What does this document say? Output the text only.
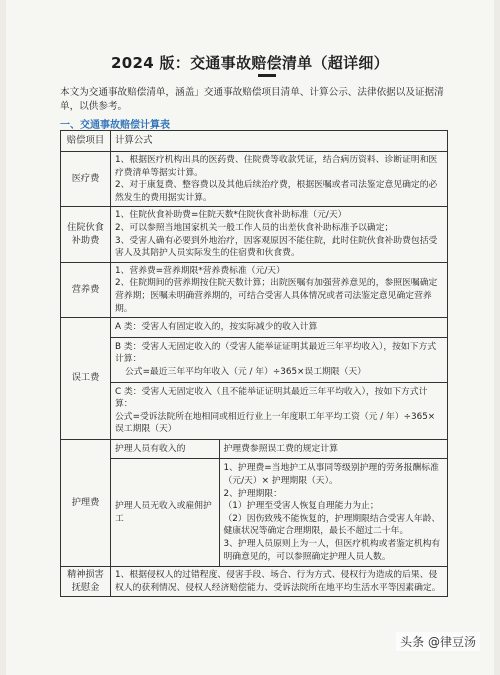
2024 版：交通事故赔偿清单（超详细）
本文为交通事故赔偿清单，涵盖」交通事故赔偿项目清单、计算公示、法律依据以及证据清单，以供参考。
一、交通事故赔偿计算表
赔偿项目	计算公式
医疗费	
1、根据医疗机构出具的医药费、住院费等收款凭证，结合病历资料、诊断证明和医疗费清单等据实计算。
2、对于康复费、整容费以及其他后续治疗费，根据医嘱或者司法鉴定意见确定的必然发生的费用据实计算。

住院伙食补助费	
1、住院伙食补助费=住院天数*住院伙食补助标准（元/天）
2、可以参照当地国家机关一般工作人员的出差伙食补助标准予以确定；
3、受害人确有必要到外地治疗，因客观原因不能住院，此时住院伙食补助费包括受害人及其陪护人员实际发生的住宿费和伙食费。

营养费	
1、营养费=营养期限*营养费标准（元/天）
2、住院期间的营养期按住院天数计算；出院医嘱有加强营养意见的，参照医嘱确定营养期；医嘱未明确营养期的，可结合受害人具体情况或者司法鉴定意见确定营养期。

误工费	
A 类：受害人有固定收入的，按实际减少的收入计算

B 类：受害人无固定收入的（受害人能举证证明其最近三年平均收入），按如下方式计算：
公式=最近三年平均年收入（元 / 年）÷365×误工期限（天）

C 类：受害人无固定收入（且不能举证证明其最近三年平均收入），按如下方式计算：
公式=受诉法院所在地相同或相近行业上一年度职工年平均工资（元 / 年）÷365×误工期限（天）

护理费	
护理人员有收入的	护理费参照误工费的规定计算
护理人员无收入或雇佣护工	
1、护理费=当地护工从事同等级别护理的劳务报酬标准（元/天）× 护理期限（天）。
2、护理期限：
（1）护理至受害人恢复自理能力为止；
（2）因伤致残不能恢复的，护理期限结合受害人年龄、健康状况等确定合理期限，最长不超过二十年。
3、护理人员原则上为一人，但医疗机构或者鉴定机构有明确意见的，可以参照确定护理人员人数。

精神损害抚慰金	
1、根据侵权人的过错程度、侵害手段、场合、行为方式、侵权行为造成的后果、侵权人的获利情况、侵权人经济赔偿能力、受诉法院所在地平均生活水平等因素确定。
头条 @律豆汤
